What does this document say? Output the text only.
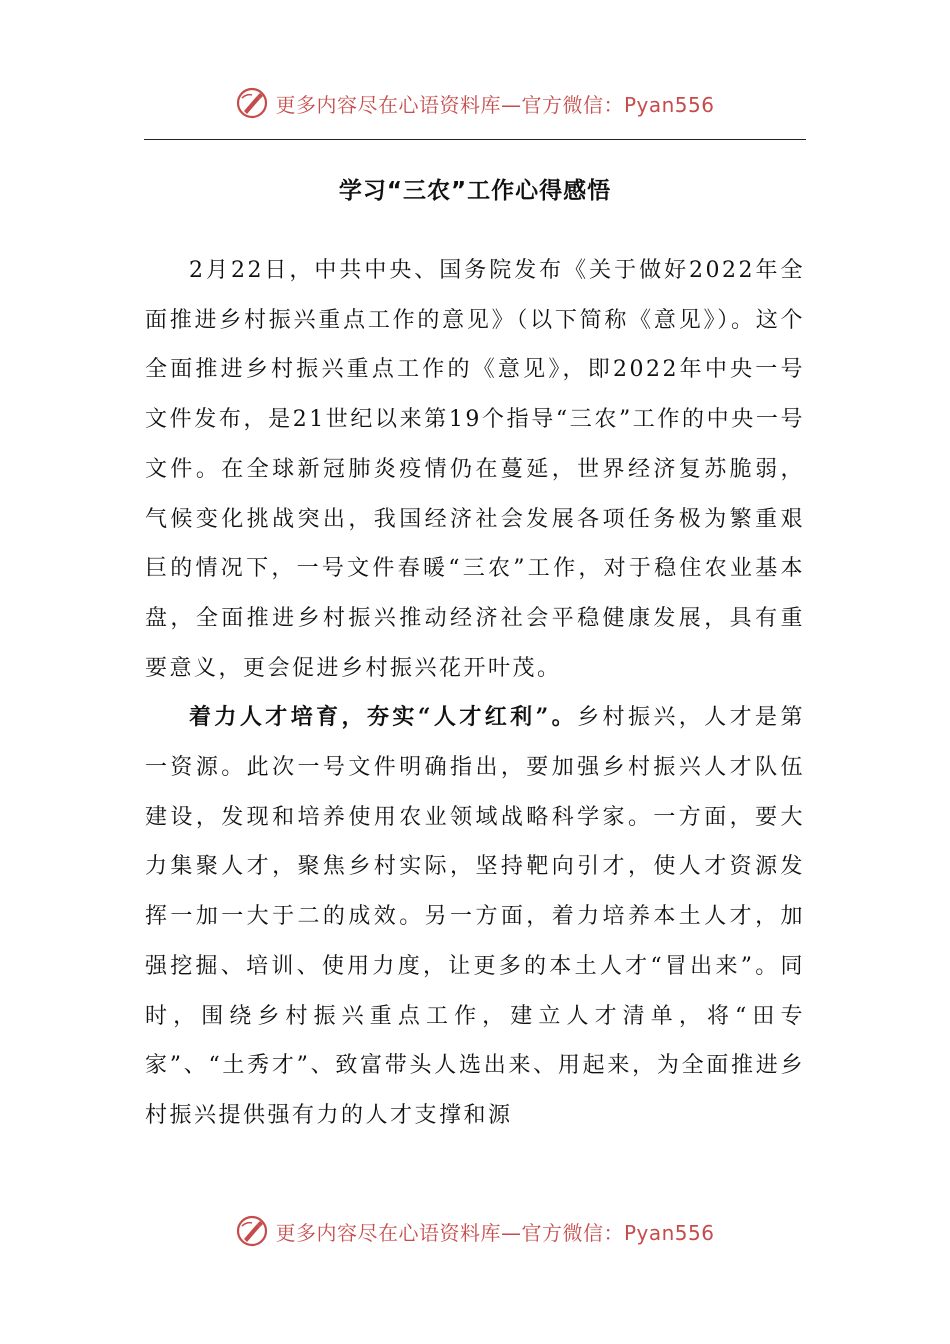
更多内容尽在心语资料库—官方微信：Pyan556
学习“三农”工作心得感悟

2月22日，中共中央、国务院发布《关于做好2022年全面推进乡村振兴重点工作的意见》（以下简称《意见》）。这个全面推进乡村振兴重点工作的《意见》，即2022年中央一号文件发布，是21世纪以来第19个指导“三农”工作的中央一号文件。在全球新冠肺炎疫情仍在蔓延，世界经济复苏脆弱，气候变化挑战突出，我国经济社会发展各项任务极为繁重艰巨的情况下，一号文件春暖“三农”工作，对于稳住农业基本盘，全面推进乡村振兴推动经济社会平稳健康发展，具有重要意义，更会促进乡村振兴花开叶茂。

着力人才培育，夯实“人才红利”。乡村振兴，人才是第一资源。此次一号文件明确指出，要加强乡村振兴人才队伍建设，发现和培养使用农业领域战略科学家。一方面，要大力集聚人才，聚焦乡村实际，坚持靶向引才，使人才资源发挥一加一大于二的成效。另一方面，着力培养本土人才，加强挖掘、培训、使用力度，让更多的本土人才“冒出来”。同时，围绕乡村振兴重点工作，建立人才清单，将“田专家”、“土秀才”、致富带头人选出来、用起来，为全面推进乡村振兴提供强有力的人才支撑和源

更多内容尽在心语资料库—官方微信：Pyan556
